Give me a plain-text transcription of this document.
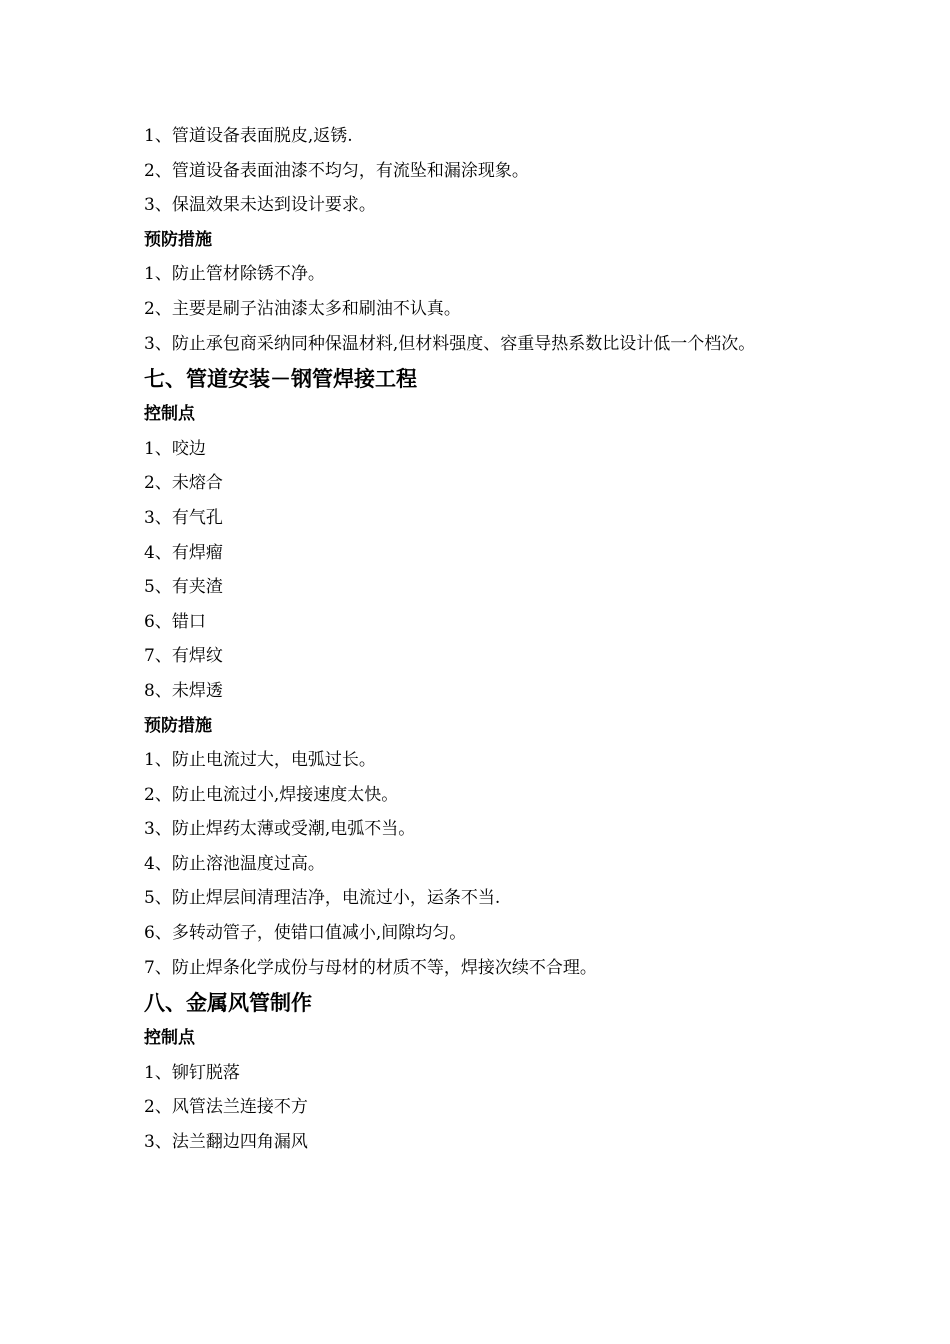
1、管道设备表面脱皮,返锈.
2、管道设备表面油漆不均匀，有流坠和漏涂现象。
3、保温效果未达到设计要求。
预防措施
1、防止管材除锈不净。
2、主要是刷子沾油漆太多和刷油不认真。
3、防止承包商采纳同种保温材料,但材料强度、容重导热系数比设计低一个档次。
七、管道安装－钢管焊接工程
控制点
1、咬边
2、未熔合
3、有气孔
4、有焊瘤
5、有夹渣
6、错口
7、有焊纹
8、未焊透
预防措施
1、防止电流过大，电弧过长。
2、防止电流过小,焊接速度太快。
3、防止焊药太薄或受潮,电弧不当。
4、防止溶池温度过高。
5、防止焊层间清理洁净，电流过小，运条不当.
6、多转动管子，使错口值减小,间隙均匀。
7、防止焊条化学成份与母材的材质不等，焊接次续不合理。
八、金属风管制作
控制点
1、铆钉脱落
2、风管法兰连接不方
3、法兰翻边四角漏风
